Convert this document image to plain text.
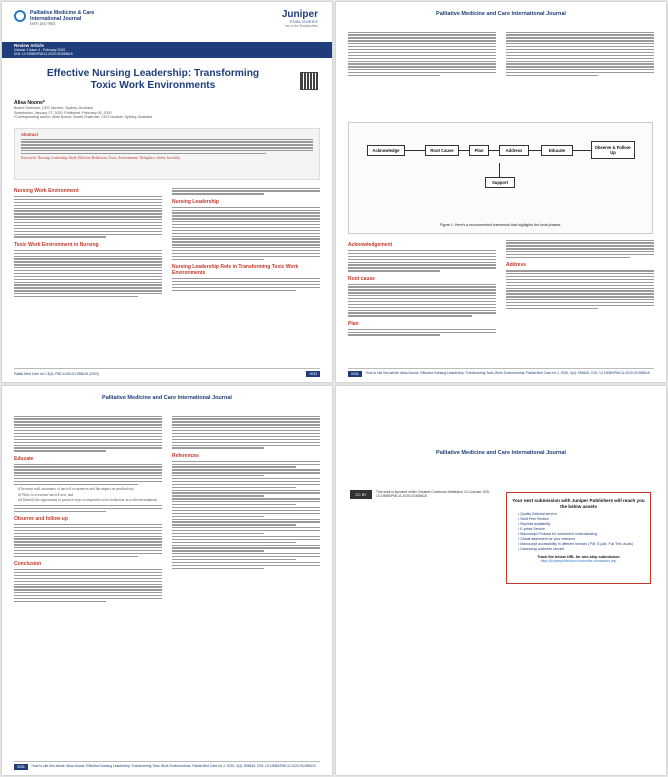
Palliative Medicine & Care
International Journal
ISSN: 2641-9602
Juniper
PUBLISHERS
key to the Researchers
Review Article
Volume 3 Issue 4 - February 2020
DOI: 10.19080/PMCIJ.2020.03.555615
Effective Nursing Leadership: Transforming
Toxic Work Environments
Alisa Noone*
Board Chairman, CEO Nuclear, Sydney, Australia
Submission: January 27, 2020; Published: February 06, 2020
*Corresponding author: Alisa Noone, Board Chairman, CEO Nuclear, Sydney, Australia
Abstract
Keywords: Nursing; Leadership; Staff; Effective Behaviour; Toxic; Environment; Workplace; Stress; Incivility
Nursing Work Environment
Toxic Work Environment in Nursing
Nursing Leadership
Nursing Leadership Role in Transforming Toxic Work Environments
Palliat Med Care Int J 3(4): PMCIJ.MS.ID.555615 (2020)	0033
Palliative Medicine and Care International Journal
Acknowledge	Root Cause	Plan	Address	Educate
Observe & Follow-Up
Support
Figure 1: Here's a recommended framework that highlights the focal phases.
Acknowledgement
Root cause
Plan
Address
0034	How to cite this article: Alisa Noone. Effective Nursing Leadership: Transforming Toxic Work Environments. Palliat Med Care Int J. 2020; 3(4): 555615. DOI: 10.19080/PMCIJ.2020.03.555615
Palliative Medicine and Care International Journal
Educate
i) Increase staff awareness of uncivil occurrences and the impact on productivity.
ii) Ways to overcome uncivil acts, and
iii) Identify the opportunity to practice ways to respond to toxic behaviour in a safe environment.
Observe and follow-up
Conclusion
References
0035	How to cite this article: Alisa Noone. Effective Nursing Leadership: Transforming Toxic Work Environments. Palliat Med Care Int J. 2020; 3(4): 555615. DOI: 10.19080/PMCIJ.2020.03.555615
Palliative Medicine and Care International Journal
CC BY
This work is licensed under Creative Commons Attribution 4.0 License. DOI: 10.19080/PMCIJ.2020.03.555615
Your next submission with Juniper Publishers will reach you the below assets
• Quality Editorial service
• Swift Peer Review
• Reprints availability
• E-prints Service
• Manuscript Podcast for convenient understanding
• Global attainment for your research
• Manuscript accessibility in different formats ( Pdf, E-pub, Full Text, Audio)
• Unceasing customer service
Track the below URL for one-step submission
https://juniperpublishers.com/online-submission.php
